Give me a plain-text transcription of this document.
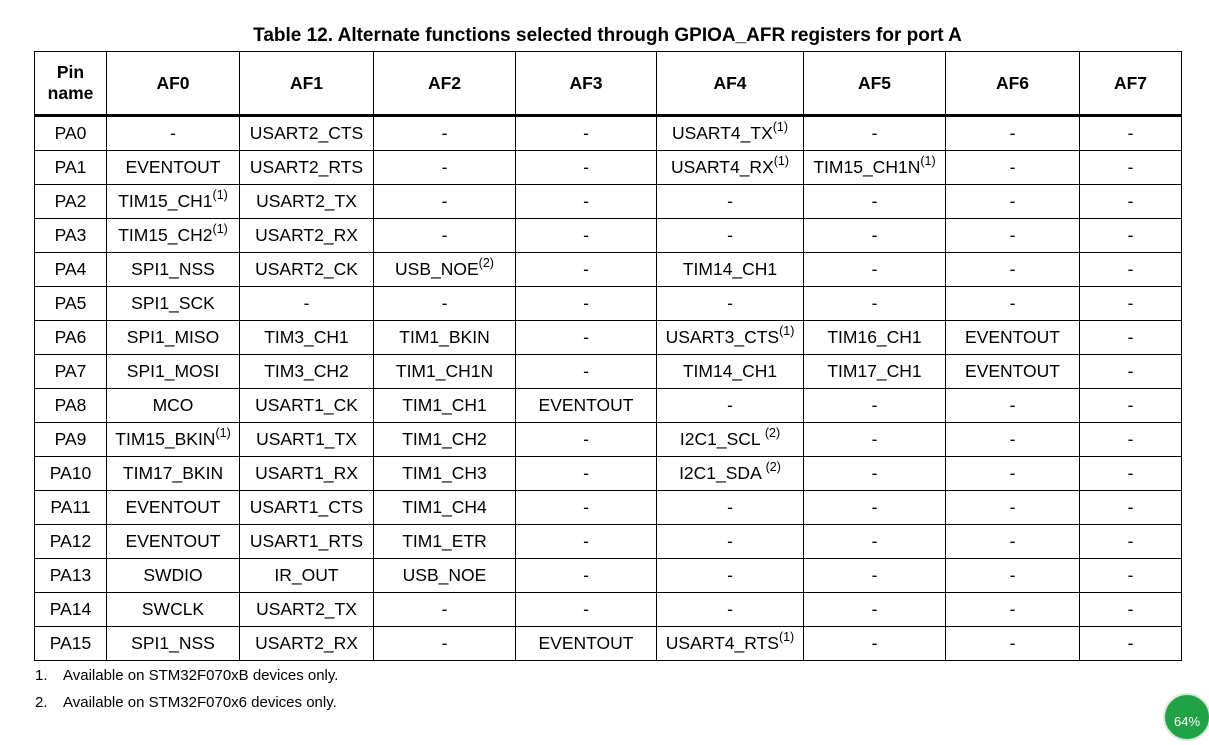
Table 12. Alternate functions selected through GPIOA_AFR registers for port A
Pin name	AF0	AF1	AF2	AF3	AF4	AF5	AF6	AF7
PA0	-	USART2_CTS	-	-	USART4_TX$^{(1)}$	-	-	-
PA1	EVENTOUT	USART2_RTS	-	-	USART4_RX$^{(1)}$	$TIM15\_CH1N^{(1)}$	-	-
PA2	TIM15_CH1$^{(1)}$	USART2_TX	-	-	-	-	-	-
PA3	TIM15_CH2$^{(1)}$	USART2_RX	-	-	-	-	-	-
PA4	SPI1_NSS	USART2_CK	USB_NOE$^{(2)}$	-	TIM14_CH1	-	-	-
PA5	SPI1_SCK	-	-	-	-	-	-	-
PA6	SPI1_MISO	TIM3_CH1	TIM1_BKIN	-	USART3_CTS$^{(1)}$	TIM16_CH1	EVENTOUT	-
PA7	SPI1_MOSI	TIM3_CH2	TIM1_CH1N	-	TIM14_CH1	TIM17_CH1	EVENTOUT	-
PA8	MCO	USART1_CK	TIM1_CH1	EVENTOUT	-	-	-	-
PA9	TIM15_BKIN$^{(1)}$	USART1_TX	TIM1_CH2	-	I2C1_SCL $^{(2)}$	-	-	-
PA10	TIM17_BKIN	USART1_RX	TIM1_CH3	-	I2C1_SDA $^{(2)}$	-	-	-
PA11	EVENTOUT	USART1_CTS	TIM1_CH4	-	-	-	-	-
PA12	EVENTOUT	USART1_RTS	TIM1_ETR	-	-	-	-	-
PA13	SWDIO	IR_OUT	USB_NOE	-	-	-	-	-
PA14	SWCLK	USART2_TX	-	-	-	-	-	-
PA15	SPI1_NSS	USART2_RX	-	EVENTOUT	USART4_RTS$^{(1)}$	-	-	-
1. Available on STM32F070xB devices only.
2. Available on STM32F070x6 devices only.
64%
